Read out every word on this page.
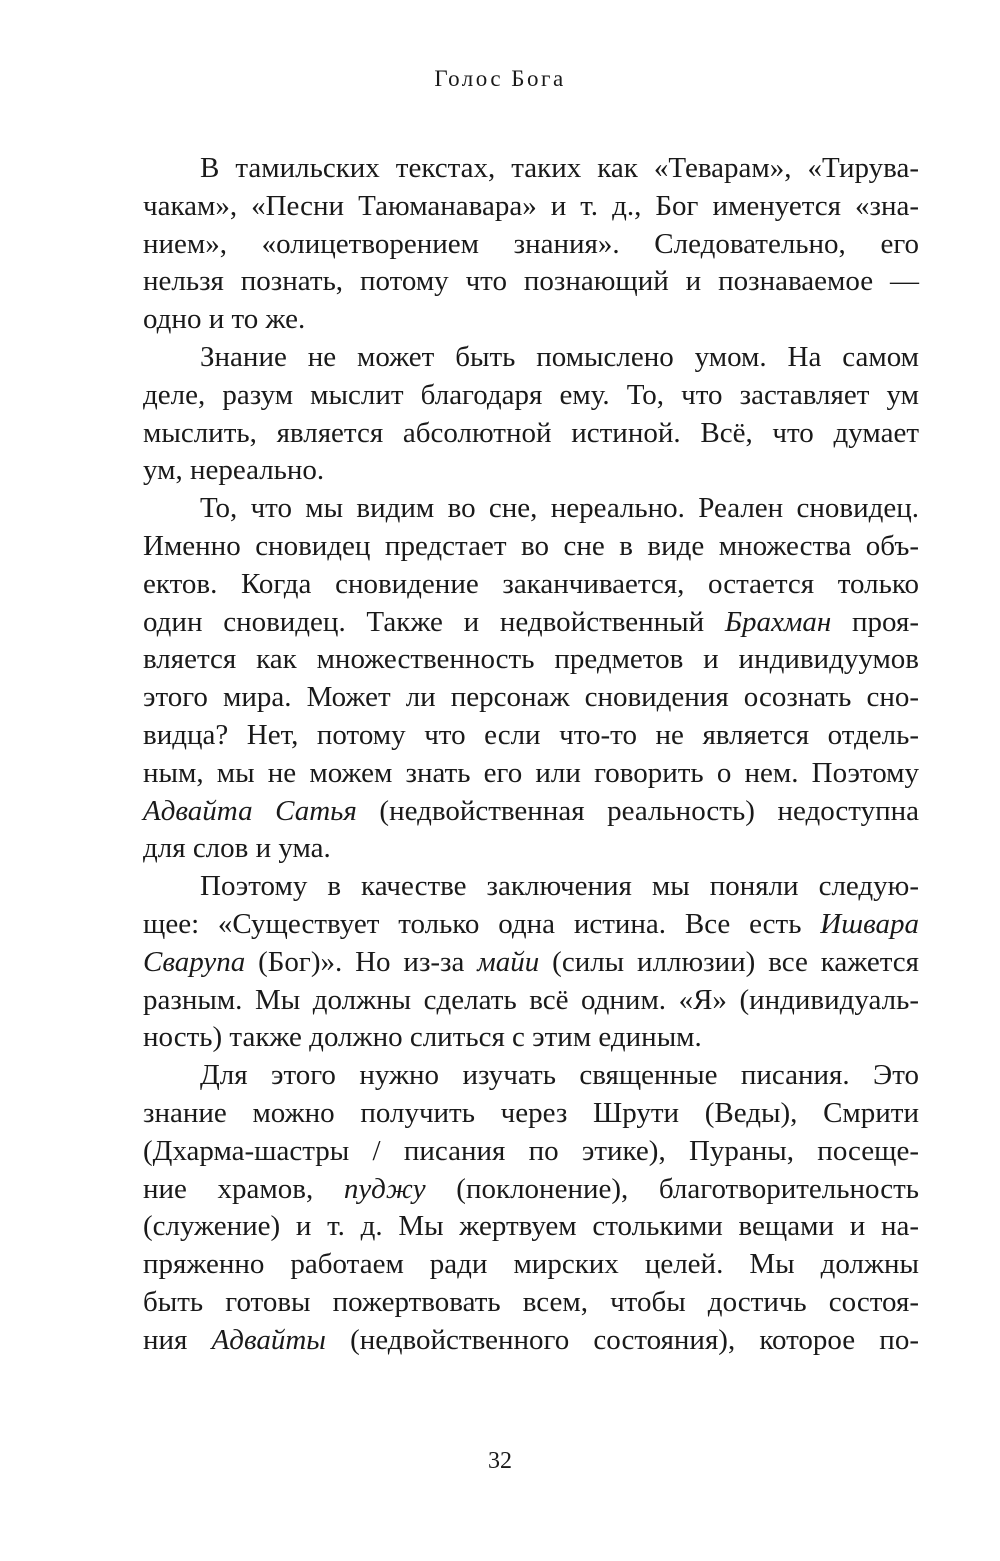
Голос Бога
В тамильских текстах, таких как «Теварам», «Тирува-
чакам», «Песни Таюманавара» и т. д., Бог именуется «зна-
нием», «олицетворением знания». Следовательно, его
нельзя познать, потому что познающий и познаваемое —
одно и то же.
Знание не может быть помыслено умом. На самом
деле, разум мыслит благодаря ему. То, что заставляет ум
мыслить, является абсолютной истиной. Всё, что думает
ум, нереально.
То, что мы видим во сне, нереально. Реален сновидец.
Именно сновидец предстает во сне в виде множества объ-
ектов. Когда сновидение заканчивается, остается только
один сновидец. Также и недвойственный Брахман проя-
вляется как множественность предметов и индивидуумов
этого мира. Может ли персонаж сновидения осознать сно-
видца? Нет, потому что если что-то не является отдель-
ным, мы не можем знать его или говорить о нем. Поэтому
Адвайта Сатья (недвойственная реальность) недоступна
для слов и ума.
Поэтому в качестве заключения мы поняли следую-
щее: «Существует только одна истина. Все есть Ишвара
Сварупа (Бог)». Но из-за майи (силы иллюзии) все кажется
разным. Мы должны сделать всё одним. «Я» (индивидуаль-
ность) также должно слиться с этим единым.
Для этого нужно изучать священные писания. Это
знание можно получить через Шрути (Веды), Смрити
(Дхарма-шастры / писания по этике), Пураны, посеще-
ние храмов, пуджу (поклонение), благотворительность
(служение) и т. д. Мы жертвуем столькими вещами и на-
пряженно работаем ради мирских целей. Мы должны
быть готовы пожертвовать всем, чтобы достичь состоя-
ния Адвайты (недвойственного состояния), которое по-
32
